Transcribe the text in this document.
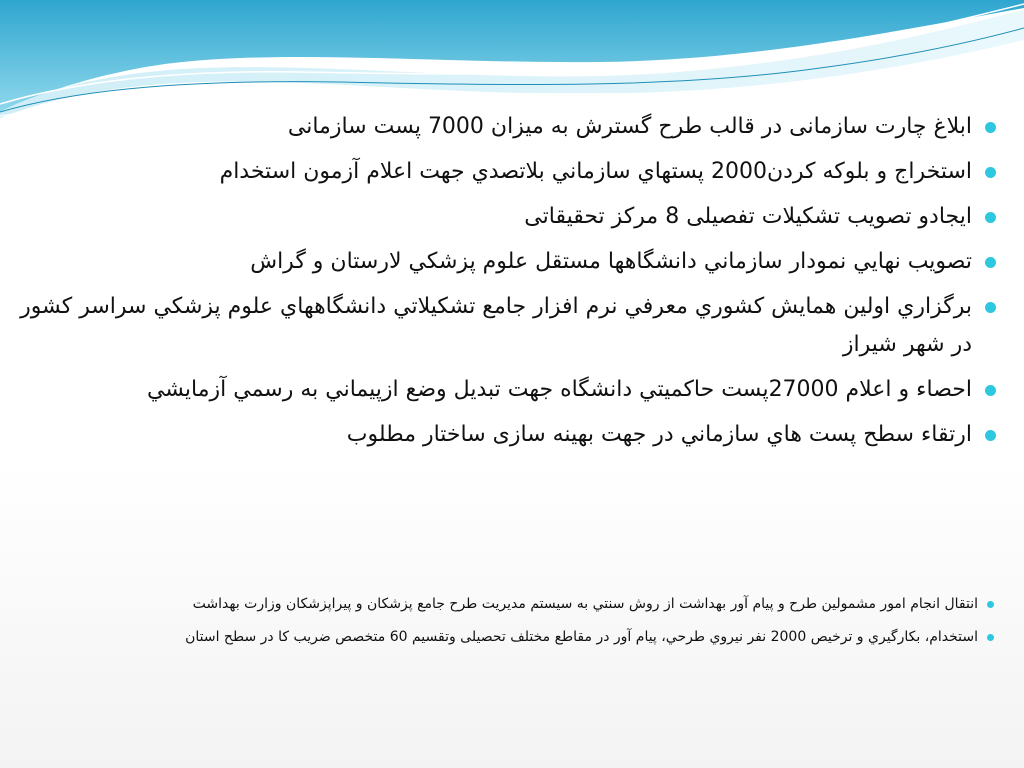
ابلاغ چارت سازمانی در قالب طرح گسترش به میزان 7000 پست سازمانی
استخراج و بلوکه کردن2000 پستهاي سازماني بلاتصدي جهت اعلام آزمون استخدام
ایجادو تصویب تشکیلات تفصیلی 8 مرکز تحقیقاتی
تصویب نهايي نمودار سازماني دانشگاهها مستقل علوم پزشكي لارستان و گراش
برگزاري اولین همایش کشوري معرفي نرم افزار جامع تشکیلاتي دانشگاههاي علوم پزشكي سراسر کشور در شهر شیراز
احصاء و اعلام 27000پست حاكميتي دانشگاه جهت تبديل وضع ازپيماني به رسمي آزمايشي
ارتقاء سطح پست هاي سازماني در جهت بهینه سازی ساختار مطلوب
انتقال انجام امور مشمولین طرح و پیام آور بهداشت از روش سنتي به سیستم مدیریت طرح جامع پزشکان و پیراپزشکان وزارت بهداشت
استخدام، بکارگیري و ترخیص 2000 نفر نیروي طرحي، پیام آور در مقاطع مختلف تحصیلی وتقسیم 60 متخصص ضریب کا در سطح استان
